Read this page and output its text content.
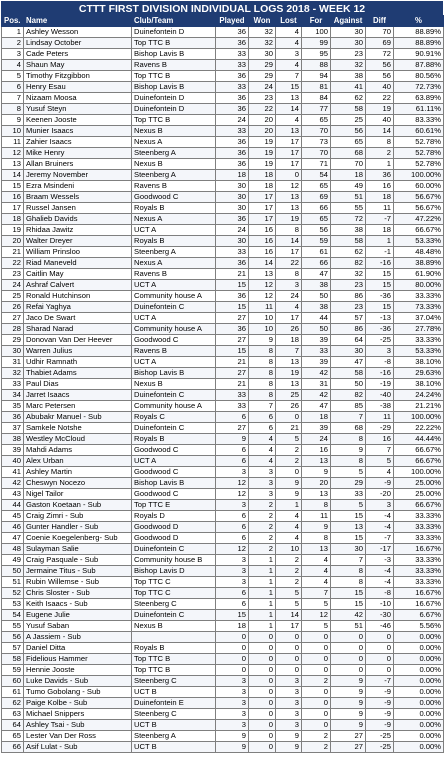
CTTT FIRST DIVISION INDIVIDUAL LOGS 2018 - WEEK 12
Pos.	Name	Club/Team	Played	Won	Lost	For	Against	Diff	%
1	Ashley Wesson	Duinefontein D	36	32	4	100	30	70	88.89%
2	Lindsay October	Top TTC B	36	32	4	99	30	69	88.89%
3	Cade Peters	Bishop Lavis B	33	30	3	95	23	72	90.91%
4	Shaun May	Ravens B	33	29	4	88	32	56	87.88%
5	Timothy Fitzgibbon	Top TTC B	36	29	7	94	38	56	80.56%
6	Henry Esau	Bishop Lavis B	33	24	15	81	41	40	72.73%
7	Nizaam Moosa	Duinefontein D	36	23	13	84	62	22	63.89%
8	Yusuf Steyn	Duinefontein D	36	22	14	77	58	19	61.11%
9	Keenen Jooste	Top TTC B	24	20	4	65	25	40	83.33%
10	Munier Isaacs	Nexus B	33	20	13	70	56	14	60.61%
11	Zahier Isaacs	Nexus A	36	19	17	73	65	8	52.78%
12	Mike Henry	Steenberg A	36	19	17	70	68	2	52.78%
13	Allan Bruiners	Nexus B	36	19	17	71	70	1	52.78%
14	Jeremy November	Steenberg A	18	18	0	54	18	36	100.00%
15	Ezra Msindeni	Ravens B	30	18	12	65	49	16	60.00%
16	Braam Wessels	Goodwood C	30	17	13	69	51	18	56.67%
17	Russel Jansen	Royals B	30	17	13	66	55	11	56.67%
18	Ghalieb Davids	Nexus A	36	17	19	65	72	-7	47.22%
19	Rhidaa Jawitz	UCT A	24	16	8	56	38	18	66.67%
20	Walter Dreyer	Royals B	30	16	14	59	58	1	53.33%
21	William Prinsloo	Steenberg A	33	16	17	61	62	-1	48.48%
22	Riad Maneveld	Nexus A	36	14	22	66	82	-16	38.89%
23	Caitlin May	Ravens B	21	13	8	47	32	15	61.90%
24	Ashraf Calvert	UCT A	15	12	3	38	23	15	80.00%
25	Ronald Hutchinson	Community house A	36	12	24	50	86	-36	33.33%
26	Refai Yaghya	Duinefontein C	15	11	4	38	23	15	73.33%
27	Jaco De Swart	UCT A	27	10	17	44	57	-13	37.04%
28	Sharad Narad	Community house A	36	10	26	50	86	-36	27.78%
29	Donovan Van Der Heever	Goodwood C	27	9	18	39	64	-25	33.33%
30	Warren Julius	Ravens B	15	8	7	33	30	3	53.33%
31	Udhir Ramnath	UCT A	21	8	13	39	47	-8	38.10%
32	Thabiet Adams	Bishop Lavis B	27	8	19	42	58	-16	29.63%
33	Paul Dias	Nexus B	21	8	13	31	50	-19	38.10%
34	Jarret Isaacs	Duinefontein C	33	8	25	42	82	-40	24.24%
35	Marc Petersen	Community house A	33	7	26	47	85	-38	21.21%
36	Abubakr Manuel - Sub	Royals C	6	6	0	18	7	11	100.00%
37	Samkele Notshe	Duinefontein C	27	6	21	39	68	-29	22.22%
38	Westley McCloud	Royals B	9	4	5	24	8	16	44.44%
39	Mahdi Adams	Goodwood C	6	4	2	16	9	7	66.67%
40	Alex Urban	UCT A	6	4	2	13	8	5	66.67%
41	Ashley Martin	Goodwood C	3	3	0	9	5	4	100.00%
42	Cheswyn Nocezo	Bishop Lavis B	12	3	9	20	29	-9	25.00%
43	Nigel Tailor	Goodwood C	12	3	9	13	33	-20	25.00%
44	Gaston Koetaan - Sub	Top TTC E	3	2	1	8	5	3	66.67%
45	Craig Zimri - Sub	Royals D	6	2	4	11	15	-4	33.33%
46	Gunter Handler - Sub	Goodwood D	6	2	4	9	13	-4	33.33%
47	Coenie Koegelenberg- Sub	Goodwood D	6	2	4	8	15	-7	33.33%
48	Sulayman Salie	Duinefontein C	12	2	10	13	30	-17	16.67%
49	Craig Pasquale - Sub	Community house B	3	1	2	4	7	-3	33.33%
50	Jermaine Titus - Sub	Bishop Lavis D	3	1	2	4	8	-4	33.33%
51	Rubin Willemse - Sub	Top TTC C	3	1	2	4	8	-4	33.33%
52	Chris Sloster - Sub	Top TTC C	6	1	5	7	15	-8	16.67%
53	Keith Isaacs - Sub	Steenberg C	6	1	5	5	15	-10	16.67%
54	Eugene Julie	Duinefontein C	15	1	14	12	42	-30	6.67%
55	Yusuf Saban	Nexus B	18	1	17	5	51	-46	5.56%
56	A Jassiem - Sub		0	0	0	0	0	0	0.00%
57	Daniel Ditta	Royals B	0	0	0	0	0	0	0.00%
58	Fidelious Hammer	Top TTC B	0	0	0	0	0	0	0.00%
59	Hennie Jooste	Top TTC B	0	0	0	0	0	0	0.00%
60	Luke Davids - Sub	Steenberg C	3	0	3	2	9	-7	0.00%
61	Tumo Gobolang - Sub	UCT B	3	0	3	0	9	-9	0.00%
62	Paige Kolbe - Sub	Duinefontein E	3	0	3	0	9	-9	0.00%
63	Michael Snippers	Steenberg C	3	0	3	0	9	-9	0.00%
64	Ashley Tsai - Sub	UCT B	3	0	3	0	9	-9	0.00%
65	Lester Van Der Ross	Steenberg A	9	0	9	2	27	-25	0.00%
66	Asif Lulat - Sub	UCT B	9	0	9	2	27	-25	0.00%
